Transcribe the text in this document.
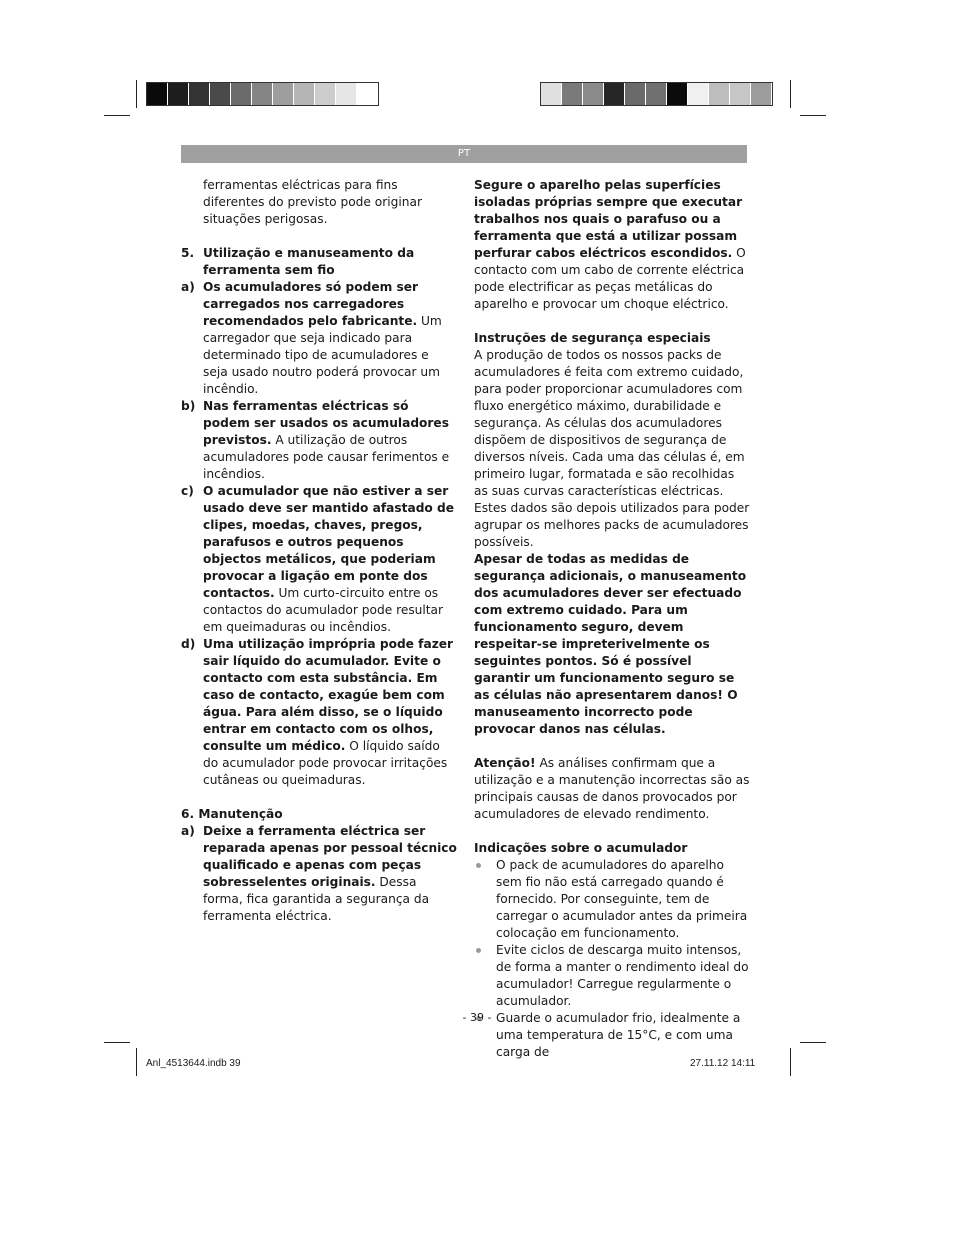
PT

ferramentas eléctricas para fins diferentes do previsto pode originar situações perigosas.

5. Utilização e manuseamento da ferramenta sem fio
a) Os acumuladores só podem ser carregados nos carregadores recomendados pelo fabricante. Um carregador que seja indicado para determinado tipo de acumuladores e seja usado noutro poderá provocar um incêndio.
b) Nas ferramentas eléctricas só podem ser usados os acumuladores previstos. A utilização de outros acumuladores pode causar ferimentos e incêndios.
c) O acumulador que não estiver a ser usado deve ser mantido afastado de clipes, moedas, chaves, pregos, parafusos e outros pequenos objectos metálicos, que poderiam provocar a ligação em ponte dos contactos. Um curto-circuito entre os contactos do acumulador pode resultar em queimaduras ou incêndios.
d) Uma utilização imprópria pode fazer sair líquido do acumulador. Evite o contacto com esta substância. Em caso de contacto, exagúe bem com água. Para além disso, se o líquido entrar em contacto com os olhos, consulte um médico. O líquido saído do acumulador pode provocar irritações cutâneas ou queimaduras.

6. Manutenção

a) Deixe a ferramenta eléctrica ser reparada apenas por pessoal técnico qualificado e apenas com peças sobresselentes originais. Dessa forma, fica garantida a segurança da ferramenta eléctrica.

Segure o aparelho pelas superfícies isoladas próprias sempre que executar trabalhos nos quais o parafuso ou a ferramenta que está a utilizar possam perfurar cabos eléctricos escondidos. O contacto com um cabo de corrente eléctrica pode electrificar as peças metálicas do aparelho e provocar um choque eléctrico.

Instruções de segurança especiais

A produção de todos os nossos packs de acumuladores é feita com extremo cuidado, para poder proporcionar acumuladores com fluxo energético máximo, durabilidade e segurança. As células dos acumuladores dispõem de dispositivos de segurança de diversos níveis. Cada uma das células é, em primeiro lugar, formatada e são recolhidas as suas curvas características eléctricas. Estes dados são depois utilizados para poder agrupar os melhores packs de acumuladores possíveis.

Apesar de todas as medidas de segurança adicionais, o manuseamento dos acumuladores dever ser efectuado com extremo cuidado. Para um funcionamento seguro, devem respeitar-se impreterivelmente os seguintes pontos. Só é possível garantir um funcionamento seguro se as células não apresentarem danos! O manuseamento incorrecto pode provocar danos nas células.

Atenção! As análises confirmam que a utilização e a manutenção incorrectas são as principais causas de danos provocados por acumuladores de elevado rendimento.

Indicações sobre o acumulador

O pack de acumuladores do aparelho sem fio não está carregado quando é fornecido. Por conseguinte, tem de carregar o acumulador antes da primeira colocação em funcionamento.
Evite ciclos de descarga muito intensos, de forma a manter o rendimento ideal do acumulador! Carregue regularmente o acumulador.
Guarde o acumulador frio, idealmente a uma temperatura de 15°C, e com uma carga de
- 39 -
Anl_4513644.indb 39	27.11.12 14:11
